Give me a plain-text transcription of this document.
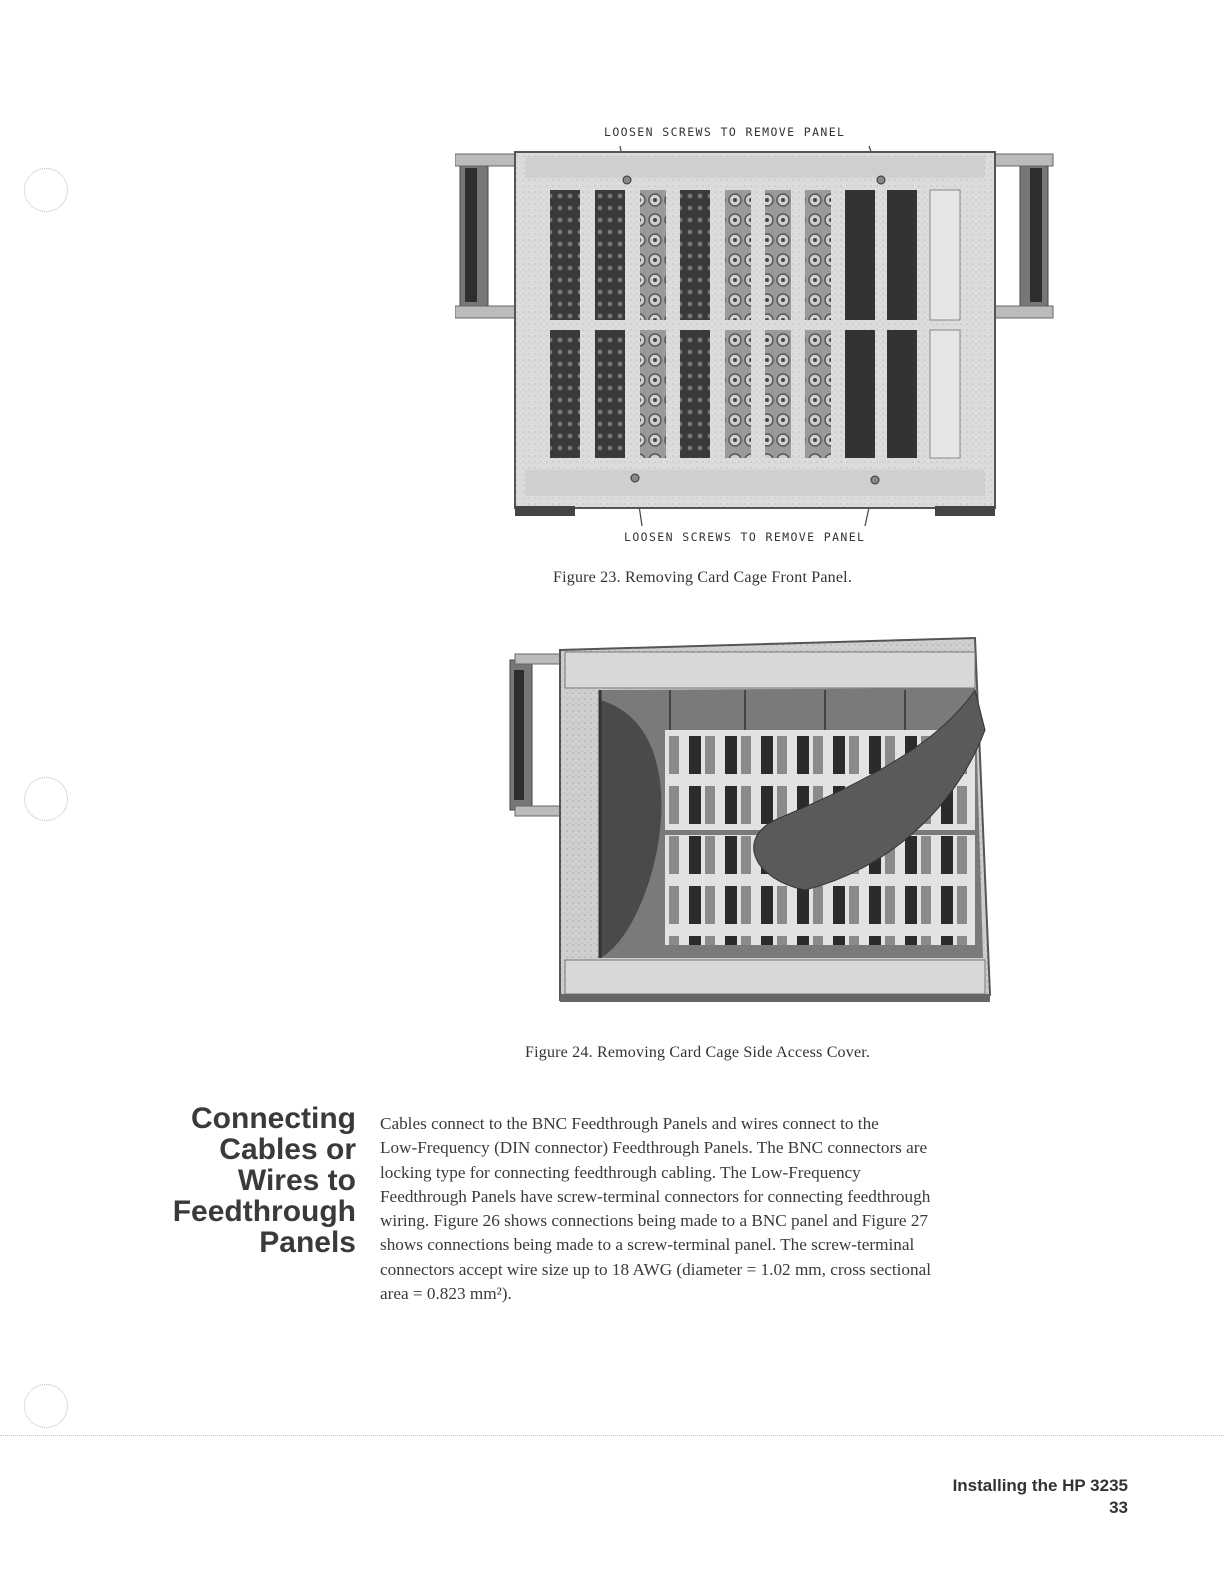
LOOSEN SCREWS TO REMOVE PANEL
LOOSEN SCREWS TO REMOVE PANEL
Figure 23. Removing Card Cage Front Panel.
Figure 24. Removing Card Cage Side Access Cover.
Connecting
Cables or
Wires to
Feedthrough
Panels
Cables connect to the BNC Feedthrough Panels and wires connect to the
Low-Frequency (DIN connector) Feedthrough Panels. The BNC connectors are
locking type for connecting feedthrough cabling. The Low-Frequency
Feedthrough Panels have screw-terminal connectors for connecting feedthrough
wiring. Figure 26 shows connections being made to a BNC panel and Figure 27
shows connections being made to a screw-terminal panel. The screw-terminal
connectors accept wire size up to 18 AWG (diameter = 1.02 mm, cross sectional
area = 0.823 mm²).
Installing the HP 3235
33
